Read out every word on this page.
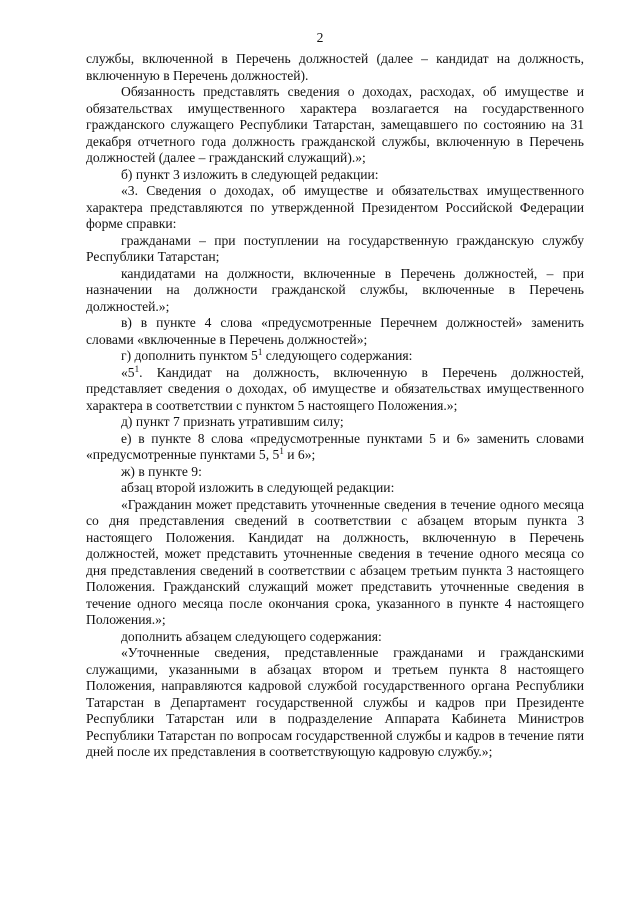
2

службы, включенной в Перечень должностей (далее – кандидат на должность, включенную в Перечень должностей).

Обязанность представлять сведения о доходах, расходах, об имуществе и обязательствах имущественного характера возлагается на государственного гражданского служащего Республики Татарстан, замещавшего по состоянию на 31 декабря отчетного года должность гражданской службы, включенную в Перечень должностей (далее – гражданский служащий).»;

б) пункт 3 изложить в следующей редакции:

«3. Сведения о доходах, об имуществе и обязательствах имущественного характера представляются по утвержденной Президентом Российской Федерации форме справки:

гражданами – при поступлении на государственную гражданскую службу Республики Татарстан;

кандидатами на должности, включенные в Перечень должностей, – при назначении на должности гражданской службы, включенные в Перечень должностей.»;

в) в пункте 4 слова «предусмотренные Перечнем должностей» заменить словами «включенные в Перечень должностей»;

г) дополнить пунктом $5^1$ следующего содержания:

«$5^1$. Кандидат на должность, включенную в Перечень должностей, представляет сведения о доходах, об имуществе и обязательствах имущественного характера в соответствии с пунктом 5 настоящего Положения.»;

д) пункт 7 признать утратившим силу;

е) в пункте 8 слова «предусмотренные пунктами 5 и 6» заменить словами «предусмотренные пунктами 5, $5^1$ и 6»;

ж) в пункте 9:

абзац второй изложить в следующей редакции:

«Гражданин может представить уточненные сведения в течение одного месяца со дня представления сведений в соответствии с абзацем вторым пункта 3 настоящего Положения. Кандидат на должность, включенную в Перечень должностей, может представить уточненные сведения в течение одного месяца со дня представления сведений в соответствии с абзацем третьим пункта 3 настоящего Положения. Гражданский служащий может представить уточненные сведения в течение одного месяца после окончания срока, указанного в пункте 4 настоящего Положения.»;

дополнить абзацем следующего содержания:

«Уточненные сведения, представленные гражданами и гражданскими служащими, указанными в абзацах втором и третьем пункта 8 настоящего Положения, направляются кадровой службой государственного органа Республики Татарстан в Департамент государственной службы и кадров при Президенте Республики Татарстан или в подразделение Аппарата Кабинета Министров Республики Татарстан по вопросам государственной службы и кадров в течение пяти дней после их представления в соответствующую кадровую службу.»;
